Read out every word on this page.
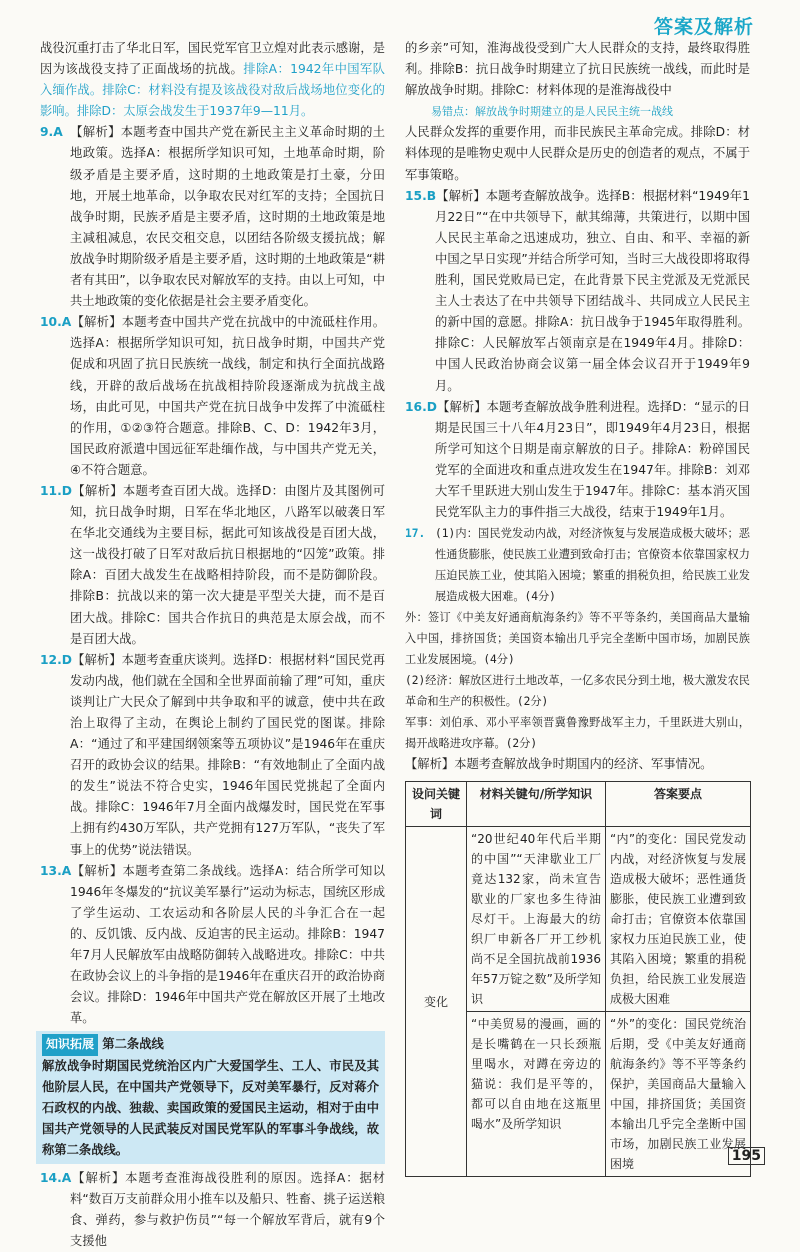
答案及解析

战役沉重打击了华北日军，国民党军官卫立煌对此表示感谢，是因为该战役支持了正面战场的抗战。排除A：1942年中国军队入缅作战。排除C：材料没有提及该战役对敌后战场地位变化的影响。排除D：太原会战发生于1937年9—11月。

9.A 【解析】本题考查中国共产党在新民主主义革命时期的土地政策。选择A：根据所学知识可知，土地革命时期，阶级矛盾是主要矛盾，这时期的土地政策是打土豪，分田地，开展土地革命，以争取农民对红军的支持；全国抗日战争时期，民族矛盾是主要矛盾，这时期的土地政策是地主减租减息，农民交租交息，以团结各阶级支援抗战；解放战争时期阶级矛盾是主要矛盾，这时期的土地政策是“耕者有其田”，以争取农民对解放军的支持。由以上可知，中共土地政策的变化依据是社会主要矛盾变化。

10.A【解析】本题考查中国共产党在抗战中的中流砥柱作用。选择A：根据所学知识可知，抗日战争时期，中国共产党促成和巩固了抗日民族统一战线，制定和执行全面抗战路线，开辟的敌后战场在抗战相持阶段逐渐成为抗战主战场，由此可见，中国共产党在抗日战争中发挥了中流砥柱的作用，①②③符合题意。排除B、C、D：1942年3月，国民政府派遣中国远征军赴缅作战，与中国共产党无关，④不符合题意。

11.D【解析】本题考查百团大战。选择D：由图片及其图例可知，抗日战争时期，日军在华北地区，八路军以破袭日军在华北交通线为主要目标，据此可知该战役是百团大战，这一战役打破了日军对敌后抗日根据地的“囚笼”政策。排除A：百团大战发生在战略相持阶段，而不是防御阶段。排除B：抗战以来的第一次大捷是平型关大捷，而不是百团大战。排除C：国共合作抗日的典范是太原会战，而不是百团大战。

12.D【解析】本题考查重庆谈判。选择D：根据材料“国民党再发动内战，他们就在全国和全世界面前输了理”可知，重庆谈判让广大民众了解到中共争取和平的诚意，使中共在政治上取得了主动，在舆论上制约了国民党的图谋。排除A：“通过了和平建国纲领案等五项协议”是1946年在重庆召开的政协会议的结果。排除B：“有效地制止了全面内战的发生”说法不符合史实，1946年国民党挑起了全面内战。排除C：1946年7月全面内战爆发时，国民党在军事上拥有约430万军队，共产党拥有127万军队，“丧失了军事上的优势”说法错误。

13.A【解析】本题考查第二条战线。选择A：结合所学可知以1946年冬爆发的“抗议美军暴行”运动为标志，国统区形成了学生运动、工农运动和各阶层人民的斗争汇合在一起的、反饥饿、反内战、反迫害的民主运动。排除B：1947年7月人民解放军由战略防御转入战略进攻。排除C：中共在政协会议上的斗争指的是1946年在重庆召开的政治协商会议。排除D：1946年中国共产党在解放区开展了土地改革。

知识拓展 第二条战线
解放战争时期国民党统治区内广大爱国学生、工人、市民及其他阶层人民，在中国共产党领导下，反对美军暴行，反对蒋介石政权的内战、独裁、卖国政策的爱国民主运动，相对于由中国共产党领导的人民武装反对国民党军队的军事斗争战线，故称第二条战线。

14.A【解析】本题考查淮海战役胜利的原因。选择A：据材料“数百万支前群众用小推车以及船只、牲畜、挑子运送粮食、弹药，参与救护伤员”“每一个解放军背后，就有9个支援他

的乡亲”可知，淮海战役受到广大人民群众的支持，最终取得胜利。排除B：抗日战争时期建立了抗日民族统一战线，而此时是解放战争时期。排除C：材料体现的是淮海战役中

易错点：解放战争时期建立的是人民民主统一战线

人民群众发挥的重要作用，而非民族民主革命完成。排除D：材料体现的是唯物史观中人民群众是历史的创造者的观点，不属于军事策略。

15.B【解析】本题考查解放战争。选择B：根据材料“1949年1月22日”“在中共领导下，献其绵薄，共策进行，以期中国人民民主革命之迅速成功，独立、自由、和平、幸福的新中国之早日实现”并结合所学可知，当时三大战役即将取得胜利，国民党败局已定，在此背景下民主党派及无党派民主人士表达了在中共领导下团结战斗、共同成立人民民主的新中国的意愿。排除A：抗日战争于1945年取得胜利。排除C：人民解放军占领南京是在1949年4月。排除D：中国人民政治协商会议第一届全体会议召开于1949年9月。

16.D【解析】本题考查解放战争胜利进程。选择D：“显示的日期是民国三十八年4月23日”，即1949年4月23日，根据所学可知这个日期是南京解放的日子。排除A：粉碎国民党军的全面进攻和重点进攻发生在1947年。排除B：刘邓大军千里跃进大别山发生于1947年。排除C：基本消灭国民党军队主力的事件指三大战役，结束于1949年1月。

17. (1)内：国民党发动内战，对经济恢复与发展造成极大破坏；恶性通货膨胀，使民族工业遭到致命打击；官僚资本依靠国家权力压迫民族工业，使其陷入困境；繁重的捐税负担，给民族工业发展造成极大困难。(4分)

外：签订《中美友好通商航海条约》等不平等条约，美国商品大量输入中国，排挤国货；美国资本输出几乎完全垄断中国市场，加剧民族工业发展困境。(4分)

(2)经济：解放区进行土地改革，一亿多农民分到土地，极大激发农民革命和生产的积极性。(2分)

军事：刘伯承、邓小平率领晋冀鲁豫野战军主力，千里跃进大别山，揭开战略进攻序幕。(2分)

【解析】本题考查解放战争时期国内的经济、军事情况。

设问关键词	材料关键句/所学知识	答案要点
变化	“20世纪40年代后半期的中国”“天津歇业工厂竟达132家，尚未宣告歇业的厂家也多生待油尽灯干。上海最大的纺织厂申新各厂开工纱机尚不足全国抗战前1936年57万锭之数”及所学知识	“内”的变化：国民党发动内战，对经济恢复与发展造成极大破坏；恶性通货膨胀，使民族工业遭到致命打击；官僚资本依靠国家权力压迫民族工业，使其陷入困境；繁重的捐税负担，给民族工业发展造成极大困难
	“中美贸易的漫画，画的是长嘴鹤在一只长颈瓶里喝水，对蹲在旁边的猫说：我们是平等的，都可以自由地在这瓶里喝水”及所学知识	“外”的变化：国民党统治后期，受《中美友好通商航海条约》等不平等条约保护，美国商品大量输入中国，排挤国货；美国资本输出几乎完全垄断中国市场，加剧民族工业发展困境
195
